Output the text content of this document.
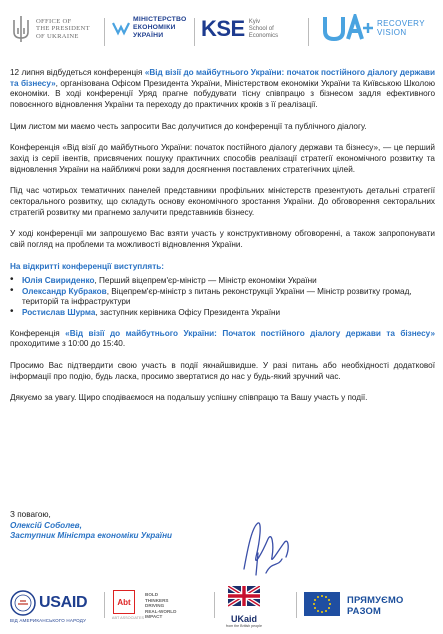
OFFICE OF
THE PRESIDENT
OF UKRAINE
МІНІСТЕРСТВО
ЕКОНОМІКИ
УКРАЇНИ	KSE Kyiv
School of
Economics
RECOVERY
VISION

12 липня відбудеться конференція «Від візії до майбутнього України: початок постійного діалогу держави та бізнесу», організована Офісом Президента України, Міністерством економіки України та Київською Школою економіки. В ході конференції Уряд прагне побудувати тісну співпрацю з бізнесом задля ефективного повоєнного відновлення України та переходу до практичних кроків з її реалізації.

Цим листом ми маємо честь запросити Вас долучитися до конференції та публічного діалогу.

Конференція «Від візії до майбутнього України: початок постійного діалогу держави та бізнесу», — це перший захід із серії івентів, присвячених пошуку практичних способів реалізації стратегії економічного розвитку та відновлення України на найближчі роки задля досягнення поставлених стратегічних цілей.

Під час чотирьох тематичних панелей представники профільних міністерств презентують детальні стратегії секторального розвитку, що складуть основу економічного зростання України. До обговорення секторальних стратегій розвитку ми прагнемо залучити представників бізнесу.

У ході конференції ми запрошуємо Вас взяти участь у конструктивному обговоренні, а також запропонувати свій погляд на проблеми та можливості відновлення України.

На відкритті конференції виступлять:

• Юлія Свириденко, Перший віцепрем'єр-міністр — Міністр економіки України
• Олександр Кубраков, Віцепрем'єр-міністр з питань реконструкції України — Міністр розвитку громад, територій та інфраструктури
• Ростислав Шурма, заступник керівника Офісу Президента України

Конференція «Від візії до майбутнього України: Початок постійного діалогу держави та бізнесу» проходитиме з 10:00 до 15:40.

Просимо Вас підтвердити свою участь в події якнайшвидше. У разі питань або необхідності додаткової інформації про подію, будь ласка, просимо звертатися до нас у будь-який зручний час.

Дякуємо за увагу. Щиро сподіваємося на подальшу успішну співпрацю та Вашу участь у події.

З повагою,
Олексій Соболев,
Заступник Міністра економіки України
USAID
ВІД АМЕРИКАНСЬКОГО НАРОДУ
Abt
ABT ASSOCIATES
BOLD
THINKERS
DRIVING
REAL-WORLD
IMPACT	UKaid
from the British people
ПРЯМУЄМО
РАЗОМ
